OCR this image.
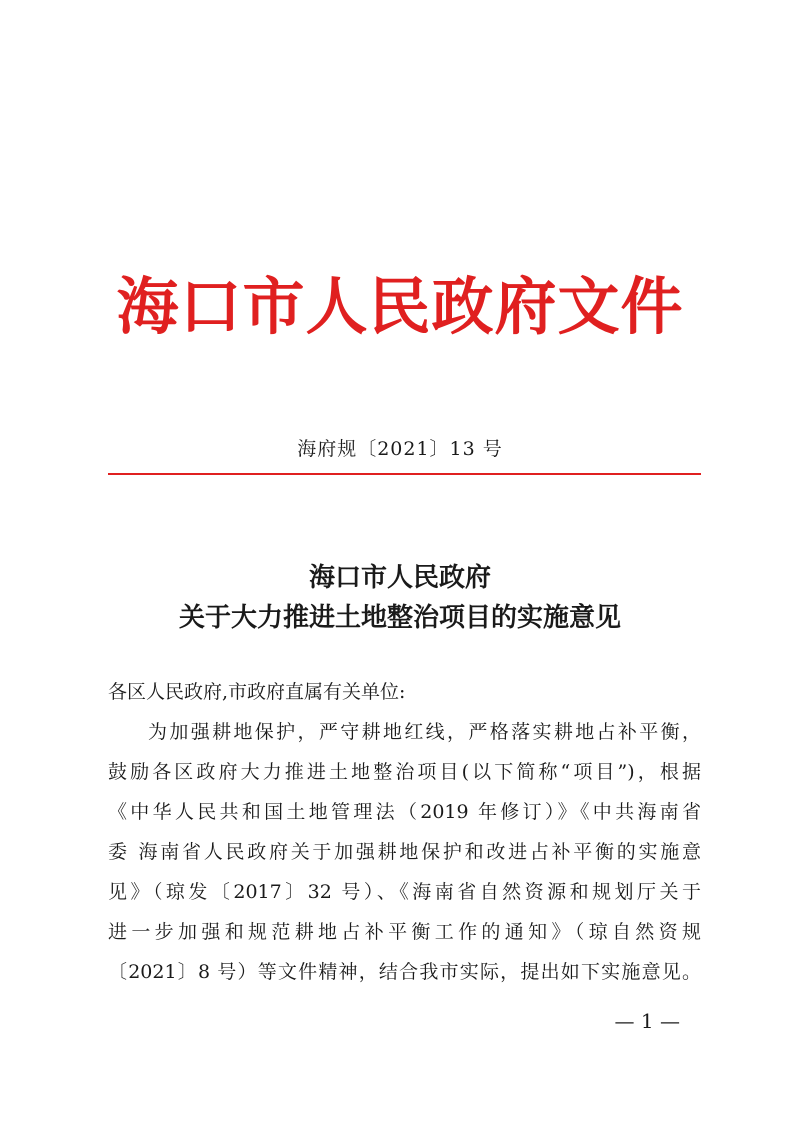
海口市人民政府文件
海府规〔2021〕13 号
海口市人民政府
关于大力推进土地整治项目的实施意见
各区人民政府,市政府直属有关单位:
为加强耕地保护，严守耕地红线，严格落实耕地占补平衡，
鼓励各区政府大力推进土地整治项目(以下简称“项目”)，根据
《中华人民共和国土地管理法（2019 年修订）》《中共海南省
委 海南省人民政府关于加强耕地保护和改进占补平衡的实施意
见》（琼发〔2017〕32 号）、《海南省自然资源和规划厅关于
进一步加强和规范耕地占补平衡工作的通知》（琼自然资规
〔2021〕8 号）等文件精神，结合我市实际，提出如下实施意见。
— 1 —
